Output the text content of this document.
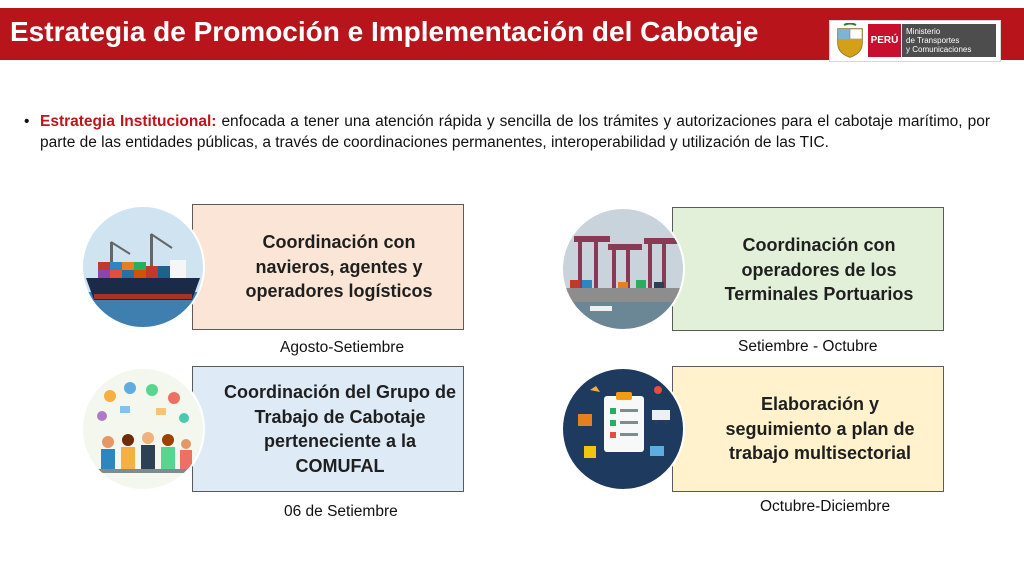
Estrategia de Promoción e Implementación del Cabotaje	PERÚ
Ministerio
de Transportes
y Comunicaciones
• Estrategia Institucional: enfocada a tener una atención rápida y sencilla de los trámites y autorizaciones para el cabotaje marítimo, por parte de las entidades públicas, a través de coordinaciones permanentes, interoperabilidad y utilización de las TIC.
Coordinación con navieros, agentes y operadores logísticos
Agosto-Setiembre
Coordinación con operadores de los Terminales Portuarios
Setiembre - Octubre
Coordinación del Grupo de Trabajo de Cabotaje perteneciente a la COMUFAL
06 de Setiembre
Elaboración y seguimiento a plan de trabajo multisectorial
Octubre-Diciembre
